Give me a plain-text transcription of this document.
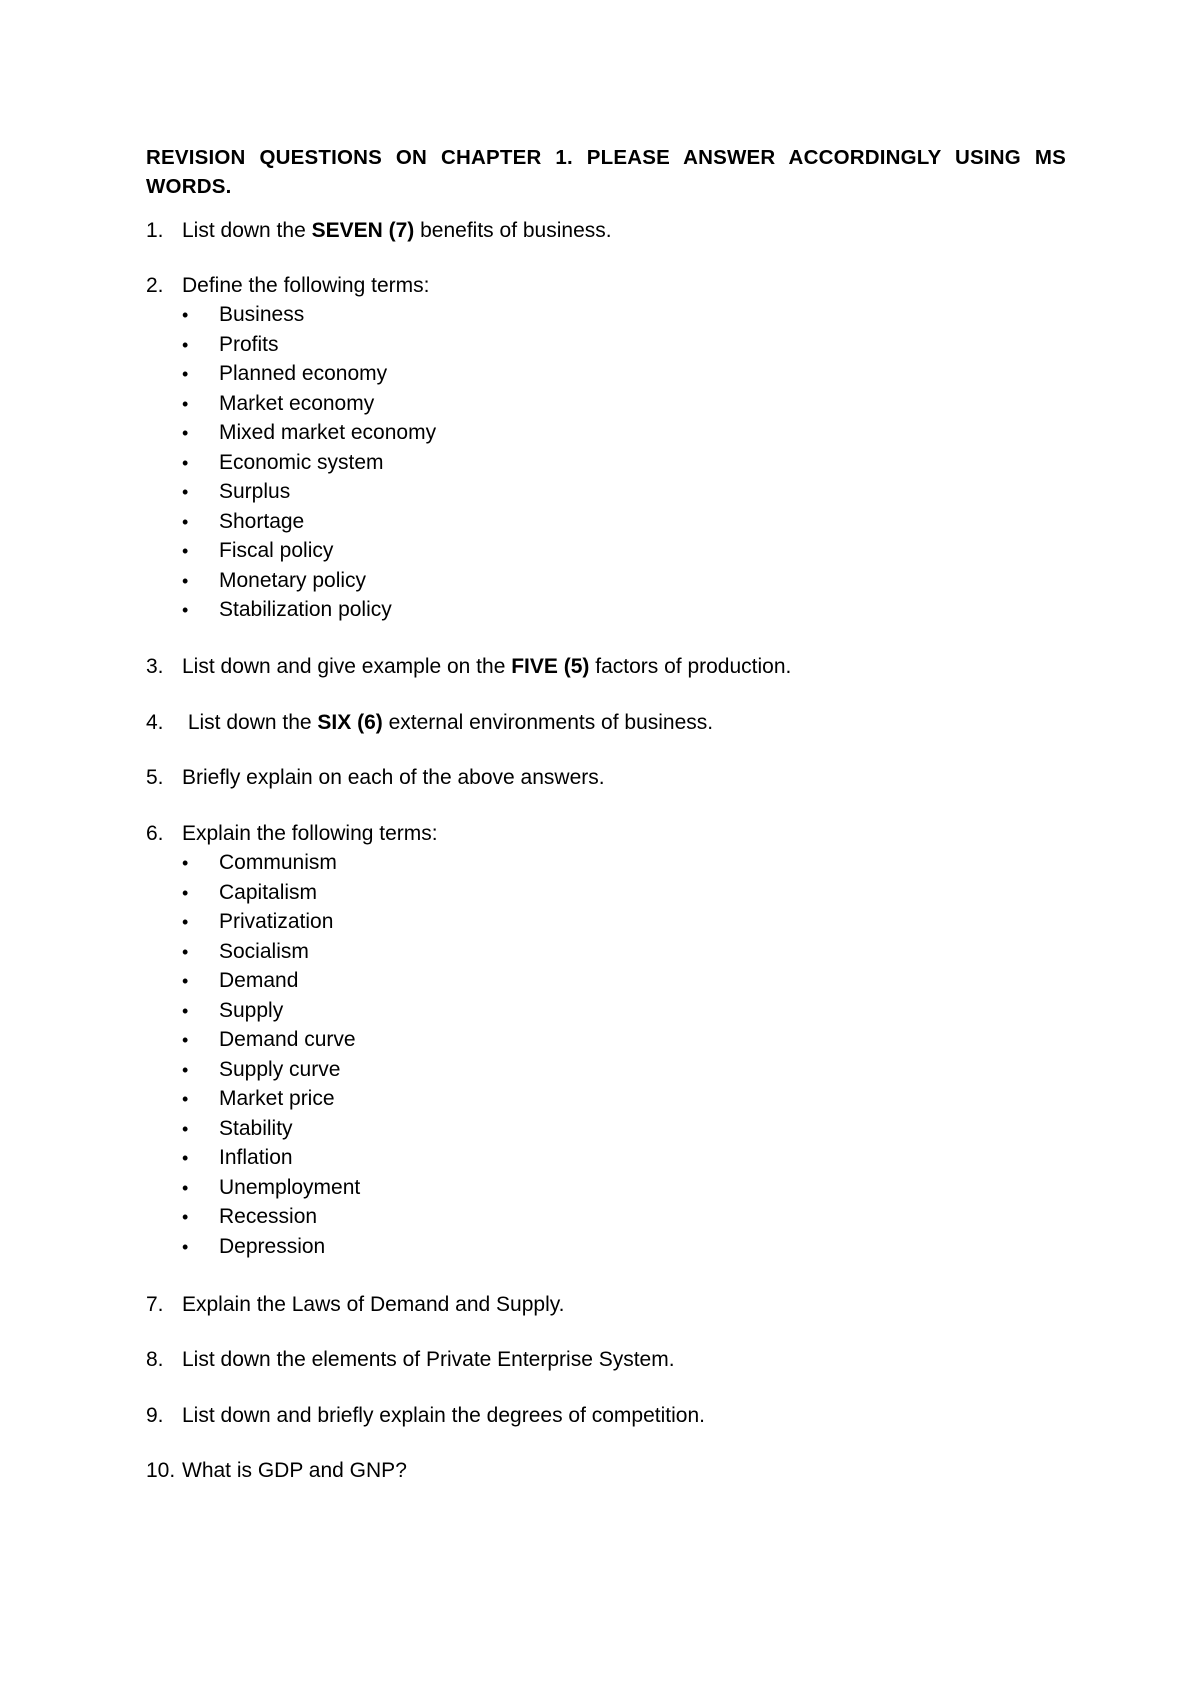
REVISION QUESTIONS ON CHAPTER 1. PLEASE ANSWER ACCORDINGLY USING MS WORDS.

1. List down the SEVEN (7) benefits of business.

2. Define the following terms:

• Business
• Profits
• Planned economy
• Market economy
• Mixed market economy
• Economic system
• Surplus
• Shortage
• Fiscal policy
• Monetary policy
• Stabilization policy

3. List down and give example on the FIVE (5) factors of production.

4. List down the SIX (6) external environments of business.

5. Briefly explain on each of the above answers.

6. Explain the following terms:

• Communism
• Capitalism
• Privatization
• Socialism
• Demand
• Supply
• Demand curve
• Supply curve
• Market price
• Stability
• Inflation
• Unemployment
• Recession
• Depression

7. Explain the Laws of Demand and Supply.

8. List down the elements of Private Enterprise System.

9. List down and briefly explain the degrees of competition.

10. What is GDP and GNP?
